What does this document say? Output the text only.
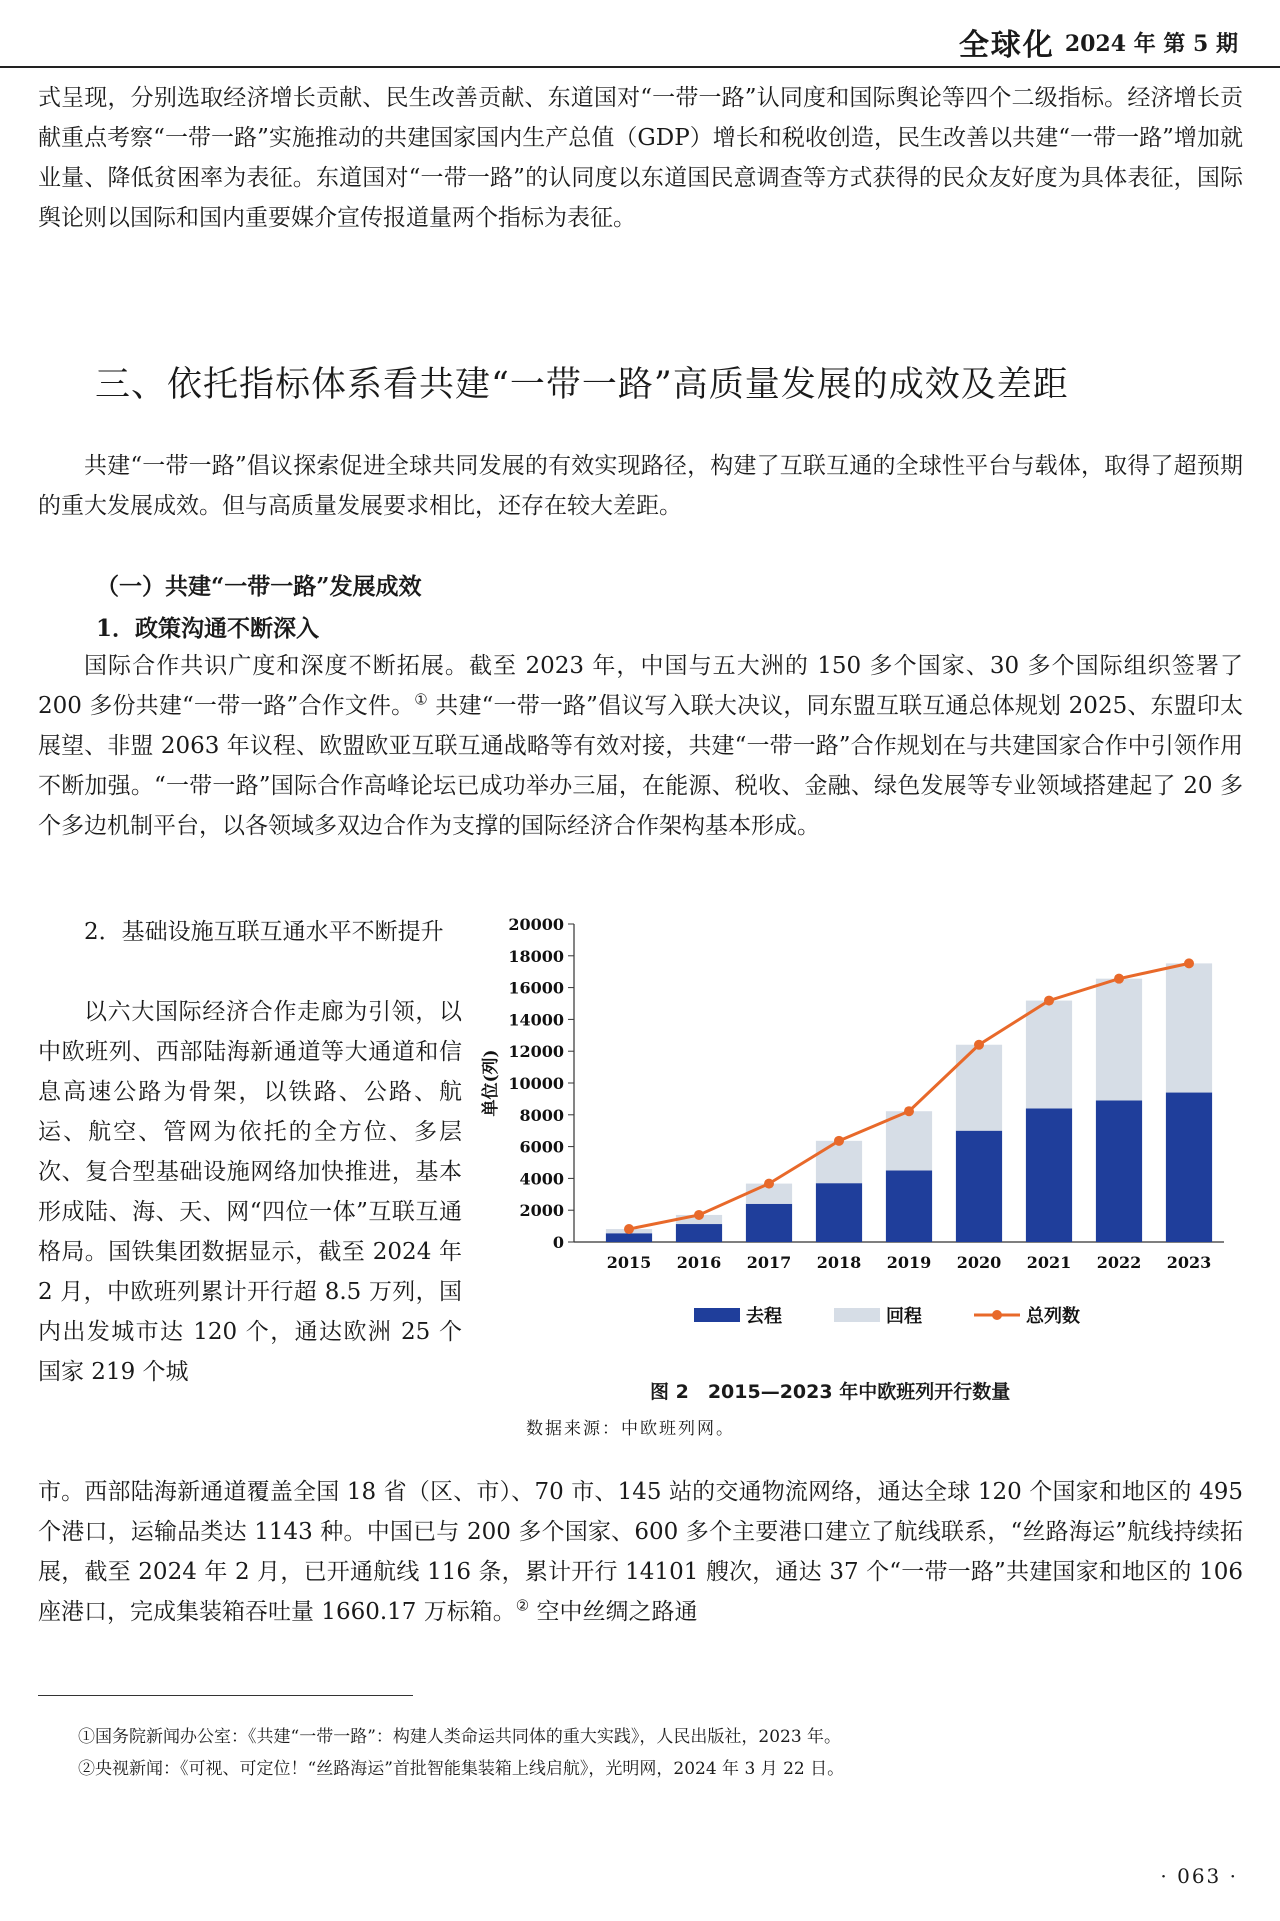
全球化 2024 年 第 5 期

式呈现，分别选取经济增长贡献、民生改善贡献、东道国对“一带一路”认同度和国际舆论等四个二级指标。经济增长贡献重点考察“一带一路”实施推动的共建国家国内生产总值（GDP）增长和税收创造，民生改善以共建“一带一路”增加就业量、降低贫困率为表征。东道国对“一带一路”的认同度以东道国民意调查等方式获得的民众友好度为具体表征，国际舆论则以国际和国内重要媒介宣传报道量两个指标为表征。

三、依托指标体系看共建“一带一路”高质量发展的成效及差距

共建“一带一路”倡议探索促进全球共同发展的有效实现路径，构建了互联互通的全球性平台与载体，取得了超预期的重大发展成效。但与高质量发展要求相比，还存在较大差距。

（一）共建“一带一路”发展成效
1．政策沟通不断深入

国际合作共识广度和深度不断拓展。截至 2023 年，中国与五大洲的 150 多个国家、30 多个国际组织签署了 200 多份共建“一带一路”合作文件。① 共建“一带一路”倡议写入联大决议，同东盟互联互通总体规划 2025、东盟印太展望、非盟 2063 年议程、欧盟欧亚互联互通战略等有效对接，共建“一带一路”合作规划在与共建国家合作中引领作用不断加强。“一带一路”国际合作高峰论坛已成功举办三届，在能源、税收、金融、绿色发展等专业领域搭建起了 20 多个多边机制平台，以各领域多双边合作为支撑的国际经济合作架构基本形成。

2．基础设施互联互通水平不断提升

以六大国际经济合作走廊为引领，以中欧班列、西部陆海新通道等大通道和信息高速公路为骨架，以铁路、公路、航运、航空、管网为依托的全方位、多层次、复合型基础设施网络加快推进，基本形成陆、海、天、网“四位一体”互联互通格局。国铁集团数据显示，截至 2024 年 2 月，中欧班列累计开行超 8.5 万列，国内出发城市达 120 个，通达欧洲 25 个国家 219 个城

市。西部陆海新通道覆盖全国 18 省（区、市）、70 市、145 站的交通物流网络，通达全球 120 个国家和地区的 495 个港口，运输品类达 1143 种。中国已与 200 多个国家、600 多个主要港口建立了航线联系，“丝路海运”航线持续拓展，截至 2024 年 2 月，已开通航线 116 条，累计开行 14101 艘次，通达 37 个“一带一路”共建国家和地区的 106 座港口，完成集装箱吞吐量 1660.17 万标箱。② 空中丝绸之路通

0
2000
4000
6000
8000
10000
12000
14000
16000
18000
20000
单位(列)
2015 2016 2017 2018 2019 2020 2021 2022 2023
去程	回程	总列数
图 2　2015—2023 年中欧班列开行数量
数据来源：中欧班列网。

①国务院新闻办公室：《共建“一带一路”：构建人类命运共同体的重大实践》，人民出版社，2023 年。

②央视新闻：《可视、可定位！“丝路海运”首批智能集装箱上线启航》，光明网，2024 年 3 月 22 日。

· 063 ·
